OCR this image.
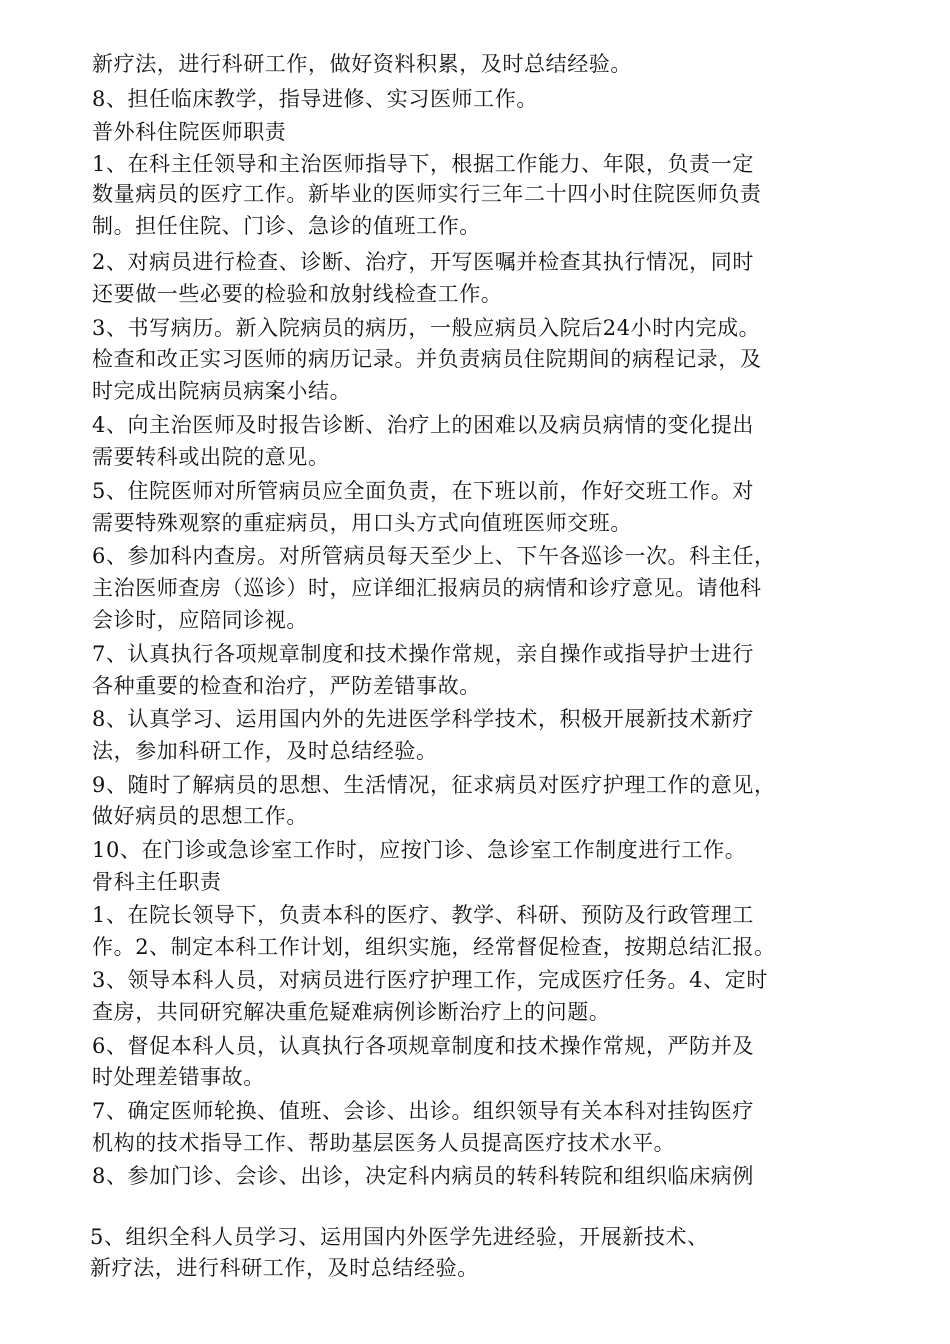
新疗法，进行科研工作，做好资料积累，及时总结经验。
8、担任临床教学，指导进修、实习医师工作。
普外科住院医师职责
1、在科主任领导和主治医师指导下，根据工作能力、年限，负责一定
数量病员的医疗工作。新毕业的医师实行三年二十四小时住院医师负责
制。担任住院、门诊、急诊的值班工作。
2、对病员进行检查、诊断、治疗，开写医嘱并检查其执行情况，同时
还要做一些必要的检验和放射线检查工作。
3、书写病历。新入院病员的病历，一般应病员入院后24小时内完成。
检查和改正实习医师的病历记录。并负责病员住院期间的病程记录，及
时完成出院病员病案小结。
4、向主治医师及时报告诊断、治疗上的困难以及病员病情的变化提出
需要转科或出院的意见。
5、住院医师对所管病员应全面负责，在下班以前，作好交班工作。对
需要特殊观察的重症病员，用口头方式向值班医师交班。
6、参加科内查房。对所管病员每天至少上、下午各巡诊一次。科主任，
主治医师查房（巡诊）时，应详细汇报病员的病情和诊疗意见。请他科
会诊时，应陪同诊视。
7、认真执行各项规章制度和技术操作常规，亲自操作或指导护士进行
各种重要的检查和治疗，严防差错事故。
8、认真学习、运用国内外的先进医学科学技术，积极开展新技术新疗
法，参加科研工作，及时总结经验。
9、随时了解病员的思想、生活情况，征求病员对医疗护理工作的意见，
做好病员的思想工作。
10、在门诊或急诊室工作时，应按门诊、急诊室工作制度进行工作。
骨科主任职责
1、在院长领导下，负责本科的医疗、教学、科研、预防及行政管理工
作。2、制定本科工作计划，组织实施，经常督促检查，按期总结汇报。
3、领导本科人员，对病员进行医疗护理工作，完成医疗任务。4、定时
查房，共同研究解决重危疑难病例诊断治疗上的问题。
6、督促本科人员，认真执行各项规章制度和技术操作常规，严防并及
时处理差错事故。
7、确定医师轮换、值班、会诊、出诊。组织领导有关本科对挂钩医疗
机构的技术指导工作、帮助基层医务人员提高医疗技术水平。
8、参加门诊、会诊、出诊，决定科内病员的转科转院和组织临床病例
5、组织全科人员学习、运用国内外医学先进经验，开展新技术、
新疗法，进行科研工作，及时总结经验。
